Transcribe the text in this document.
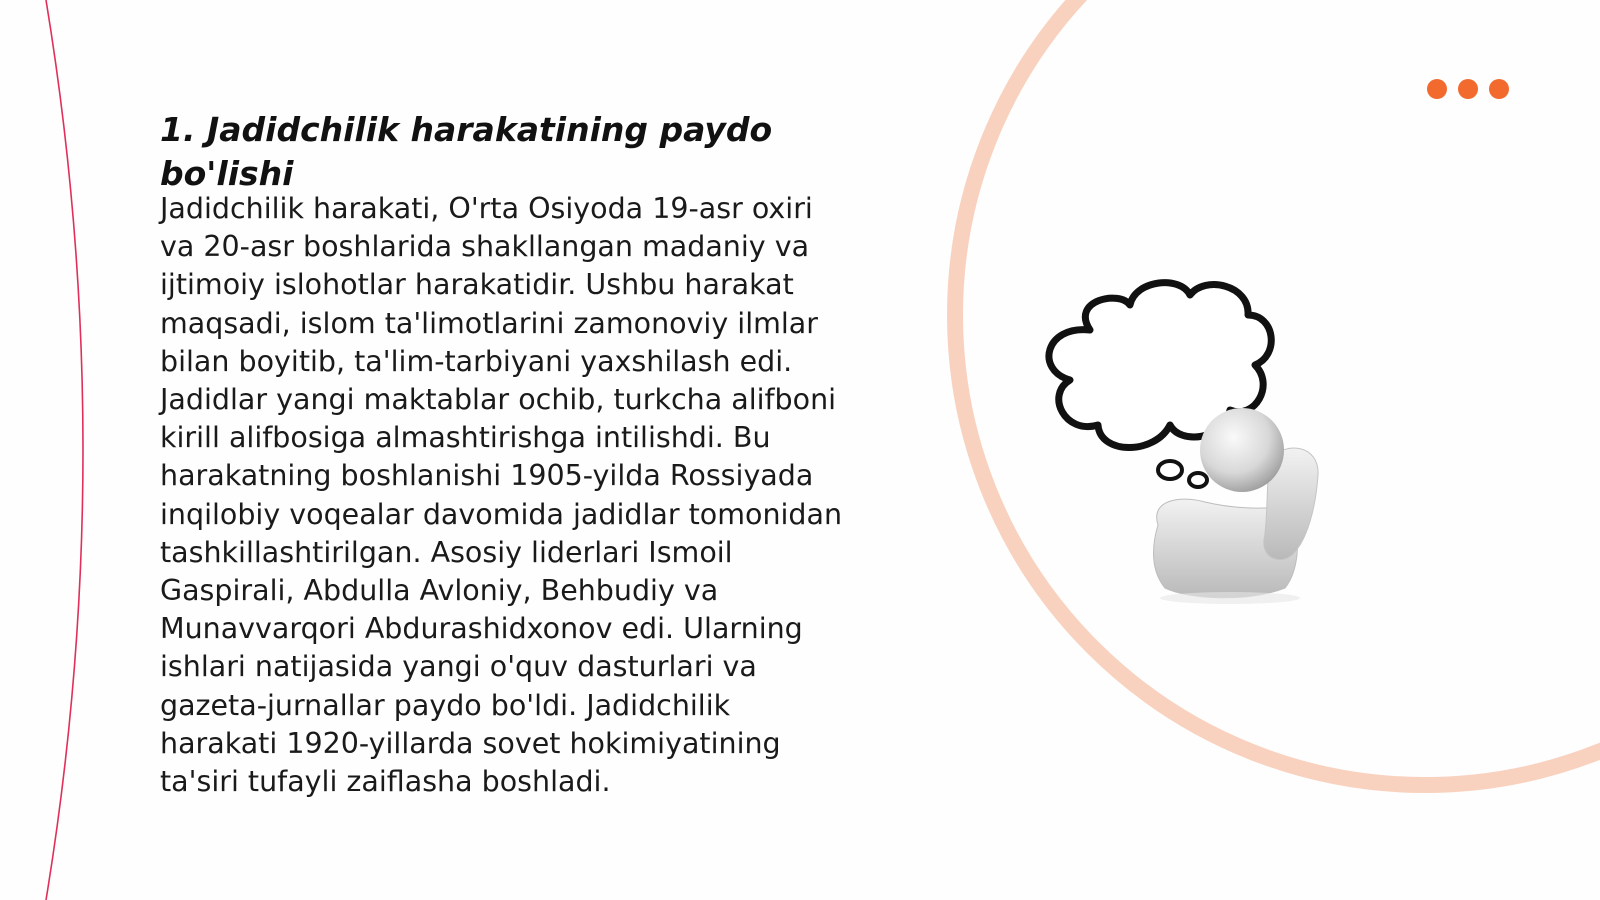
1. Jadidchilik harakatining paydo bo'lishi

Jadidchilik harakati, O'rta Osiyoda 19-asr oxiri va 20-asr boshlarida shakllangan madaniy va ijtimoiy islohotlar harakatidir. Ushbu harakat maqsadi, islom ta'limotlarini zamonoviy ilmlar bilan boyitib, ta'lim-tarbiyani yaxshilash edi. Jadidlar yangi maktablar ochib, turkcha alifboni kirill alifbosiga almashtirishga intilishdi. Bu harakatning boshlanishi 1905-yilda Rossiyada inqilobiy voqealar davomida jadidlar tomonidan tashkillashtirilgan. Asosiy liderlari Ismoil Gaspirali, Abdulla Avloniy, Behbudiy va Munavvarqori Abdurashidxonov edi. Ularning ishlari natijasida yangi o'quv dasturlari va gazeta-jurnallar paydo bo'ldi. Jadidchilik harakati 1920-yillarda sovet hokimiyatining ta'siri tufayli zaiflasha boshladi.
